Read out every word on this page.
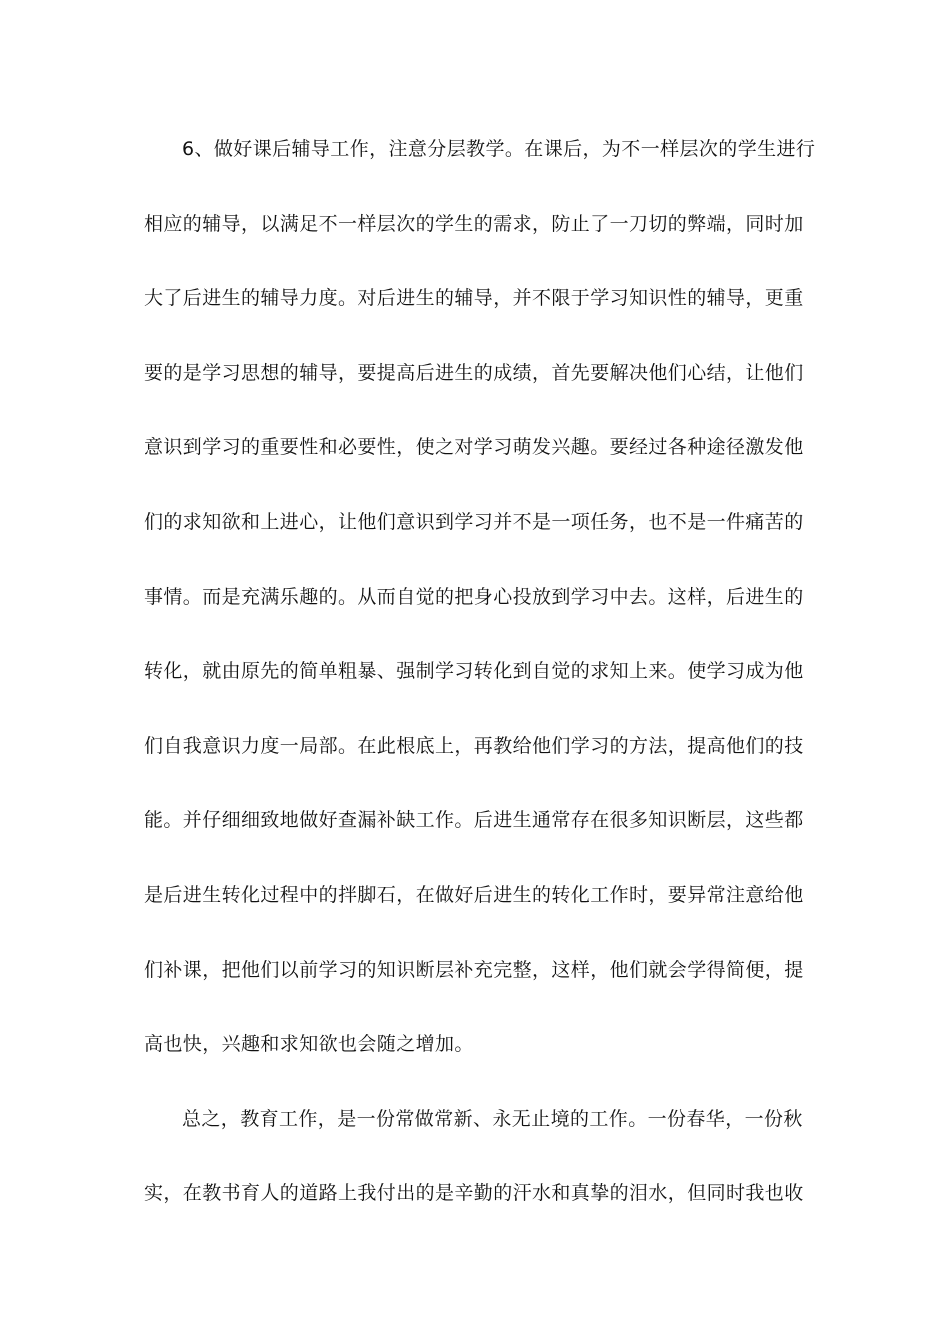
6、做好课后辅导工作，注意分层教学。在课后，为不一样层次的学生进行
相应的辅导，以满足不一样层次的学生的需求，防止了一刀切的弊端，同时加
大了后进生的辅导力度。对后进生的辅导，并不限于学习知识性的辅导，更重
要的是学习思想的辅导，要提高后进生的成绩，首先要解决他们心结，让他们
意识到学习的重要性和必要性，使之对学习萌发兴趣。要经过各种途径激发他
们的求知欲和上进心，让他们意识到学习并不是一项任务，也不是一件痛苦的
事情。而是充满乐趣的。从而自觉的把身心投放到学习中去。这样，后进生的
转化，就由原先的简单粗暴、强制学习转化到自觉的求知上来。使学习成为他
们自我意识力度一局部。在此根底上，再教给他们学习的方法，提高他们的技
能。并仔细细致地做好查漏补缺工作。后进生通常存在很多知识断层，这些都
是后进生转化过程中的拌脚石，在做好后进生的转化工作时，要异常注意给他
们补课，把他们以前学习的知识断层补充完整，这样，他们就会学得简便，提
高也快，兴趣和求知欲也会随之增加。
总之，教育工作，是一份常做常新、永无止境的工作。一份春华，一份秋
实，在教书育人的道路上我付出的是辛勤的汗水和真挚的泪水，但同时我也收
